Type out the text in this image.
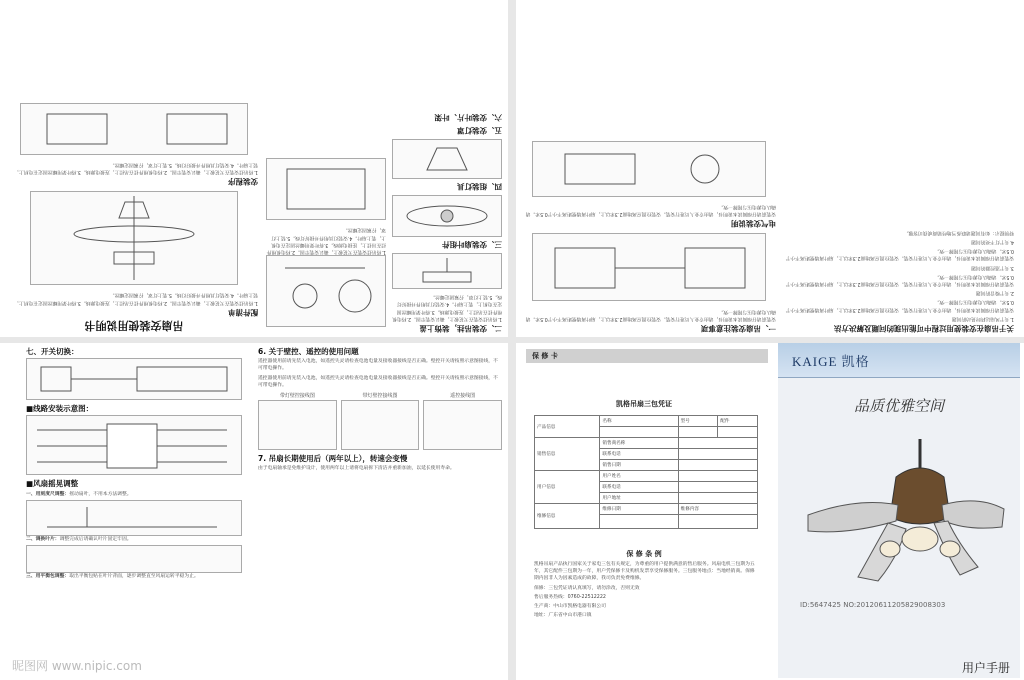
二、安装吊挂，装饰上盖

1.将吊挂安装在天花板上，确认安装牢固。2.将电机组件挂在吊挂上，连接电源线。3.将叶架用螺丝固定在电机上，装上扇叶。4.安装灯具组件并接好灯线。5.装上灯罩，拧紧固定螺丝。

三、安装扇叶组件
四、组装灯具
五、安装灯罩
六、安装叶片、叶架

1.将吊挂安装在天花板上，确认安装牢固。2.将电机组件挂在吊挂上，连接电源线。3.将叶架用螺丝固定在电机上，装上扇叶。4.安装灯具组件并接好灯线。5.装上灯罩，拧紧固定螺丝。

吊扇安装使用说明书
配件清单

1.将吊挂安装在天花板上，确认安装牢固。2.将电机组件挂在吊挂上，连接电源线。3.将叶架用螺丝固定在电机上，装上扇叶。4.安装灯具组件并接好灯线。5.装上灯罩，拧紧固定螺丝。

安装程序

1.将吊挂安装在天花板上，确认安装牢固。2.将电机组件挂在吊挂上，连接电源线。3.将叶架用螺丝固定在电机上，装上扇叶。4.安装灯具组件并接好灯线。5.装上灯罩，拧紧固定螺丝。

关于吊扇在安装使用过程中可能出现的问题及解决方法

1.关于风扇运转时晃动的问题

安装前请仔细阅读本说明书，请由专业人员进行安装。安装位置应离地面2.3米以上，扇叶离墙壁距离不小于0.5米。请确认电源电压与铭牌一致。

2.关于噪音的问题

安装前请仔细阅读本说明书，请由专业人员进行安装。安装位置应离地面2.3米以上，扇叶离墙壁距离不小于0.5米。请确认电源电压与铭牌一致。

3.关于遥控器的问题

安装前请仔细阅读本说明书，请由专业人员进行安装。安装位置应离地面2.3米以上，扇叶离墙壁距离不小于0.5米。请确认电源电压与铭牌一致。

4.关于灯不亮的问题

特别提示：如有问题请联系当地经销商或我司客服。

一、吊扇安装注意事项

安装前请仔细阅读本说明书，请由专业人员进行安装。安装位置应离地面2.3米以上，扇叶离墙壁距离不小于0.5米。请确认电源电压与铭牌一致。

电气安装说明

安装前请仔细阅读本说明书，请由专业人员进行安装。安装位置应离地面2.3米以上，扇叶离墙壁距离不小于0.5米。请确认电源电压与铭牌一致。

七、开关切换：
■线路安装示意图：
■风扇摇晃调整

一、用刻度尺调整：摇动扇叶，不用本方法调整。

二、调换叶片：调整完成后请确认叶片固定牢固。

三、用平衡包调整：取出平衡包贴在叶片背面，逐步调整直至风扇运转平稳为止。

6. 关于壁控、遥控的使用问题

遥控器使用前请先装入电池，如遥控失灵请检查电池电量及接收器接线是否正确。壁控开关请按照示意图接线，不可带电操作。

遥控器使用前请先装入电池，如遥控失灵请检查电池电量及接收器接线是否正确。壁控开关请按照示意图接线，不可带电操作。

带灯壁控接线图	带灯壁控接线图	遥控接线图
7. 吊扇长期使用后（两年以上），转速会变慢

由于电扇轴承是免维护设计，使用两年以上请将电扇拆下清洁并重新加油，以延长使用寿命。

昵图网 www.nipic.com
保 修 卡
凯格吊扇三包凭证
产品信息	名称	型号	配件

销售信息	销售商名称		
	联系电话		
	销售日期		
用户信息	用户姓名		
	联系电话		
	用户地址		
维修信息	维修日期	维修内容	

保 修 条 例

凯格吊扇产品执行国家关于家电三包有关规定，为尊重的用户提供满意的售后服务。风扇电机三包期为五年，其它配件三包期为一年，用户凭保修卡及购机发票享受保修服务。三包服务地点：当地经销商。保修期内因非人为因素造成的故障，我司负责免费维修。

保修：三包凭证请认真填写，请勿涂改，否则无效

售后服务热线：0760-22512222

生产商：中山市凯格电器有限公司

地址：广东省中山市港口镇

KAIGE 凯格
品质优雅空间
ID:5647425 NO:20120611205829008303
用户手册
